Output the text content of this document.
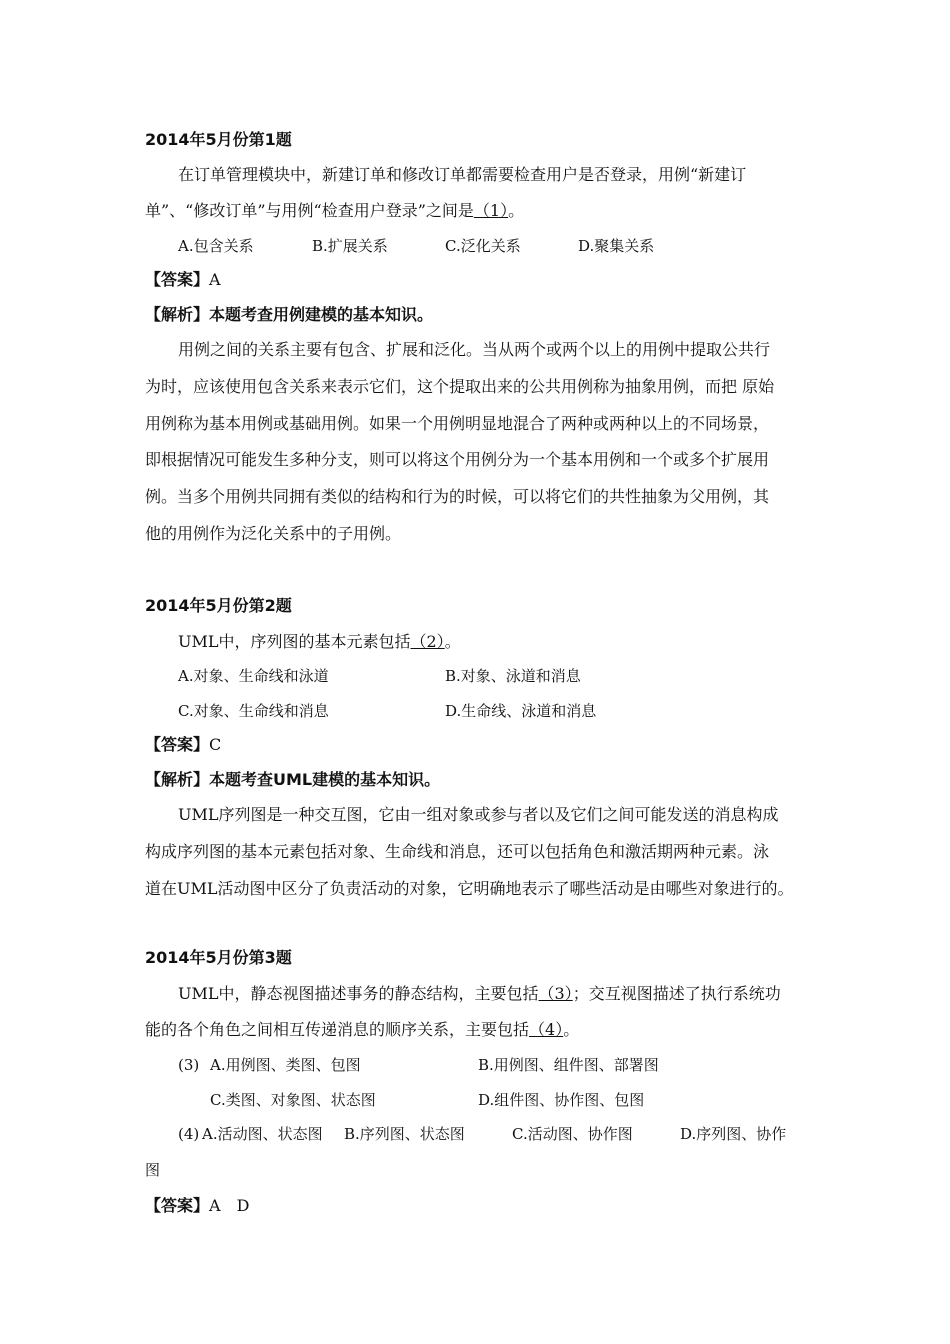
2014年5月份第1题
在订单管理模块中，新建订单和修改订单都需要检查用户是否登录，用例“新建订
单”、“修改订单”与用例“检查用户登录”之间是（1）。
A.包含关系	B.扩展关系	C.泛化关系	D.聚集关系
【答案】A
【解析】本题考查用例建模的基本知识。
用例之间的关系主要有包含、扩展和泛化。当从两个或两个以上的用例中提取公共行
为时，应该使用包含关系来表示它们，这个提取出来的公共用例称为抽象用例，而把 原始
用例称为基本用例或基础用例。如果一个用例明显地混合了两种或两种以上的不同场景，
即根据情况可能发生多种分支，则可以将这个用例分为一个基本用例和一个或多个扩展用
例。当多个用例共同拥有类似的结构和行为的时候，可以将它们的共性抽象为父用例，其
他的用例作为泛化关系中的子用例。
2014年5月份第2题
UML中，序列图的基本元素包括（2）。
A.对象、生命线和泳道	B.对象、泳道和消息
C.对象、生命线和消息	D.生命线、泳道和消息
【答案】C
【解析】本题考查UML建模的基本知识。
UML序列图是一种交互图，它由一组对象或参与者以及它们之间可能发送的消息构成
构成序列图的基本元素包括对象、生命线和消息，还可以包括角色和激活期两种元素。泳
道在UML活动图中区分了负责活动的对象，它明确地表示了哪些活动是由哪些对象进行的。
2014年5月份第3题
UML中，静态视图描述事务的静态结构，主要包括（3）；交互视图描述了执行系统功
能的各个角色之间相互传递消息的顺序关系，主要包括（4）。
(3) A.用例图、类图、包图	B.用例图、组件图、部署图
C.类图、对象图、状态图	D.组件图、协作图、包图
(4) A.活动图、状态图 B.序列图、状态图	C.活动图、协作图	D.序列图、协作
图
【答案】A　D
